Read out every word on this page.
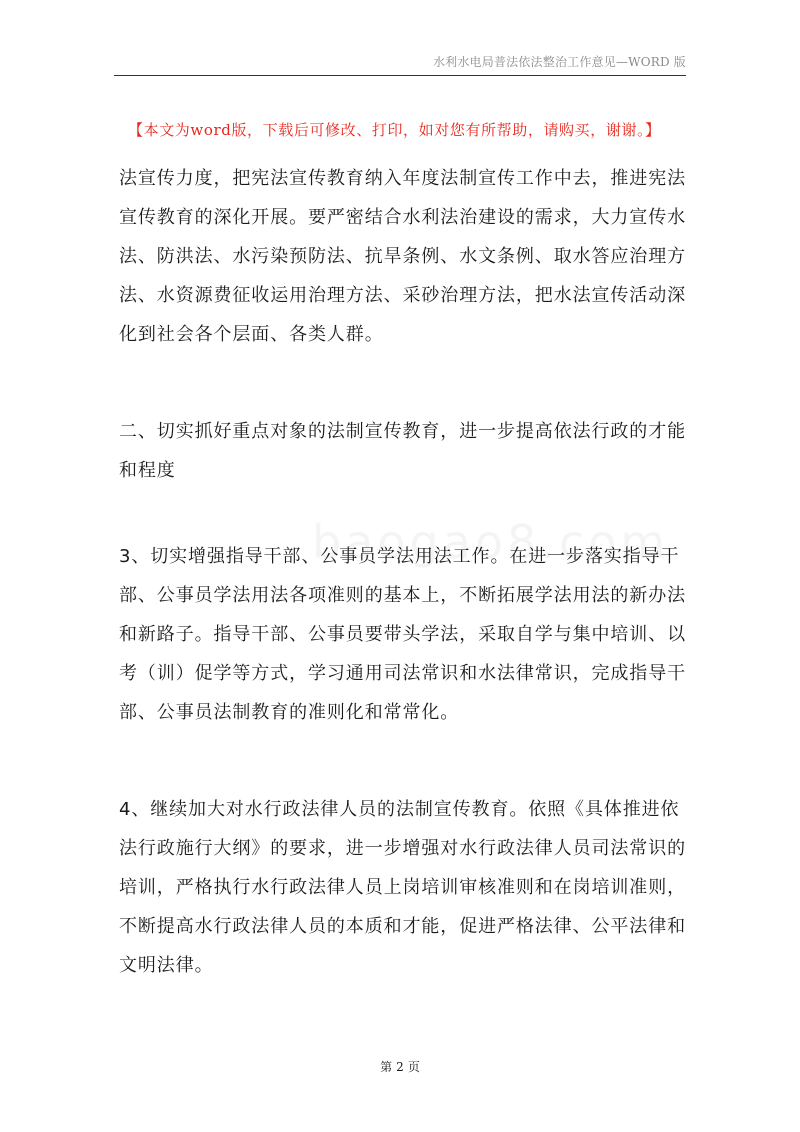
水利水电局普法依法整治工作意见—WORD 版
【本文为word版，下载后可修改、打印，如对您有所帮助，请购买，谢谢。】

法宣传力度，把宪法宣传教育纳入年度法制宣传工作中去，推进宪法宣传教育的深化开展。要严密结合水利法治建设的需求，大力宣传水法、防洪法、水污染预防法、抗旱条例、水文条例、取水答应治理方法、水资源费征收运用治理方法、采砂治理方法，把水法宣传活动深化到社会各个层面、各类人群。

二、切实抓好重点对象的法制宣传教育，进一步提高依法行政的才能和程度

3、切实增强指导干部、公事员学法用法工作。在进一步落实指导干部、公事员学法用法各项准则的基本上，不断拓展学法用法的新办法和新路子。指导干部、公事员要带头学法，采取自学与集中培训、以考（训）促学等方式，学习通用司法常识和水法律常识，完成指导干部、公事员法制教育的准则化和常常化。

4、继续加大对水行政法律人员的法制宣传教育。依照《具体推进依法行政施行大纲》的要求，进一步增强对水行政法律人员司法常识的培训，严格执行水行政法律人员上岗培训审核准则和在岗培训准则，不断提高水行政法律人员的本质和才能，促进严格法律、公平法律和文明法律。

第 2 页
